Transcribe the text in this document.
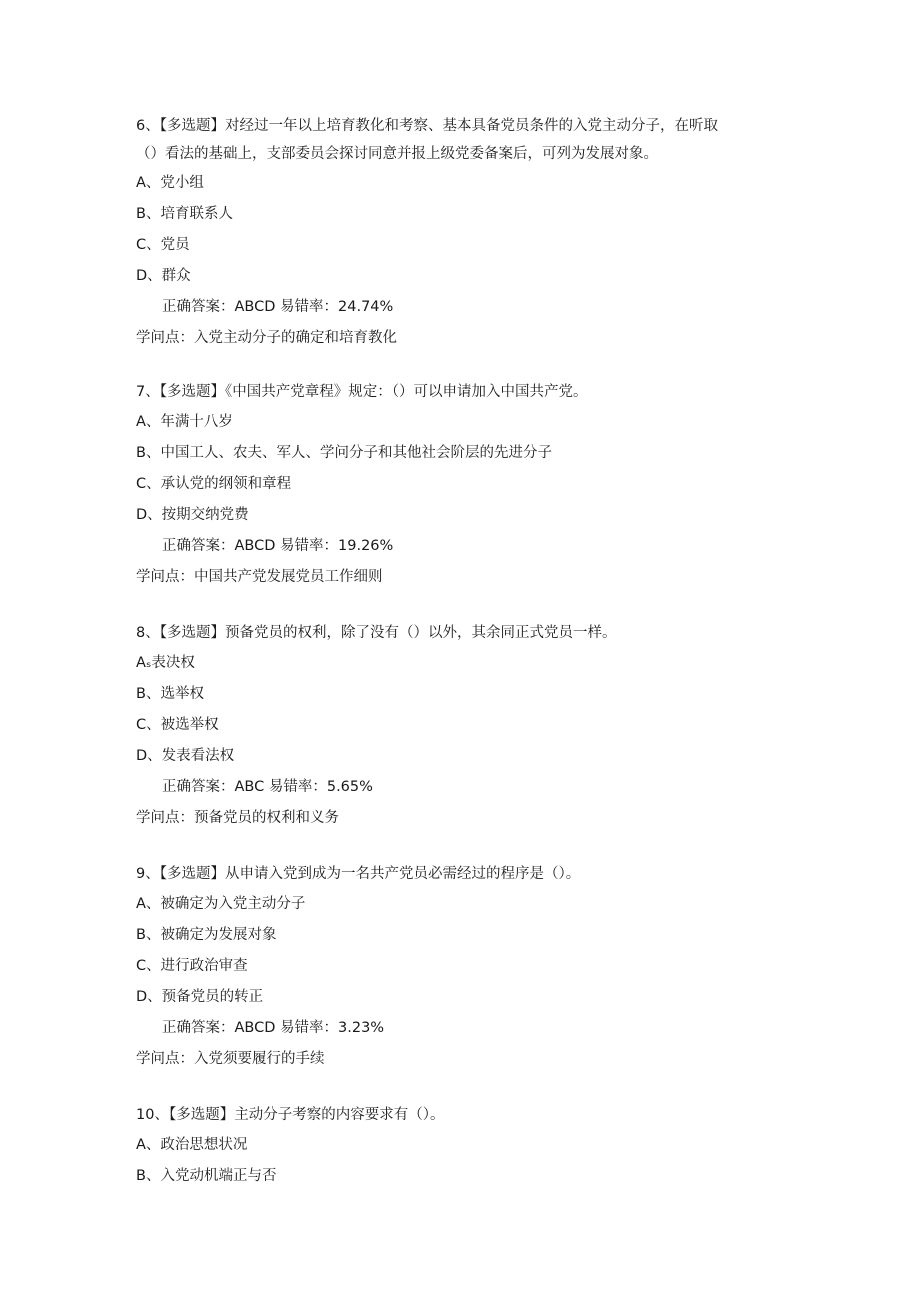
6、【多选题】对经过一年以上培育教化和考察、基本具备党员条件的入党主动分子，在听取
（）看法的基础上，支部委员会探讨同意并报上级党委备案后，可列为发展对象。
A、党小组
B、培育联系人
C、党员
D、群众
正确答案：ABCD 易错率：24.74%
学问点：入党主动分子的确定和培育教化
7、【多选题】《中国共产党章程》规定：（）可以申请加入中国共产党。
A、年满十八岁
B、中国工人、农夫、军人、学问分子和其他社会阶层的先进分子
C、承认党的纲领和章程
D、按期交纳党费
正确答案：ABCD 易错率：19.26%
学问点：中国共产党发展党员工作细则
8、【多选题】预备党员的权利，除了没有（）以外，其余同正式党员一样。
Aₛ表决权
B、选举权
C、被选举权
D、发表看法权
正确答案：ABC 易错率：5.65%
学问点：预备党员的权利和义务
9、【多选题】从申请入党到成为一名共产党员必需经过的程序是（）。
A、被确定为入党主动分子
B、被确定为发展对象
C、进行政治审查
D、预备党员的转正
正确答案：ABCD 易错率：3.23%
学问点：入党须要履行的手续
10、【多选题】主动分子考察的内容要求有（）。
A、政治思想状况
B、入党动机端正与否
